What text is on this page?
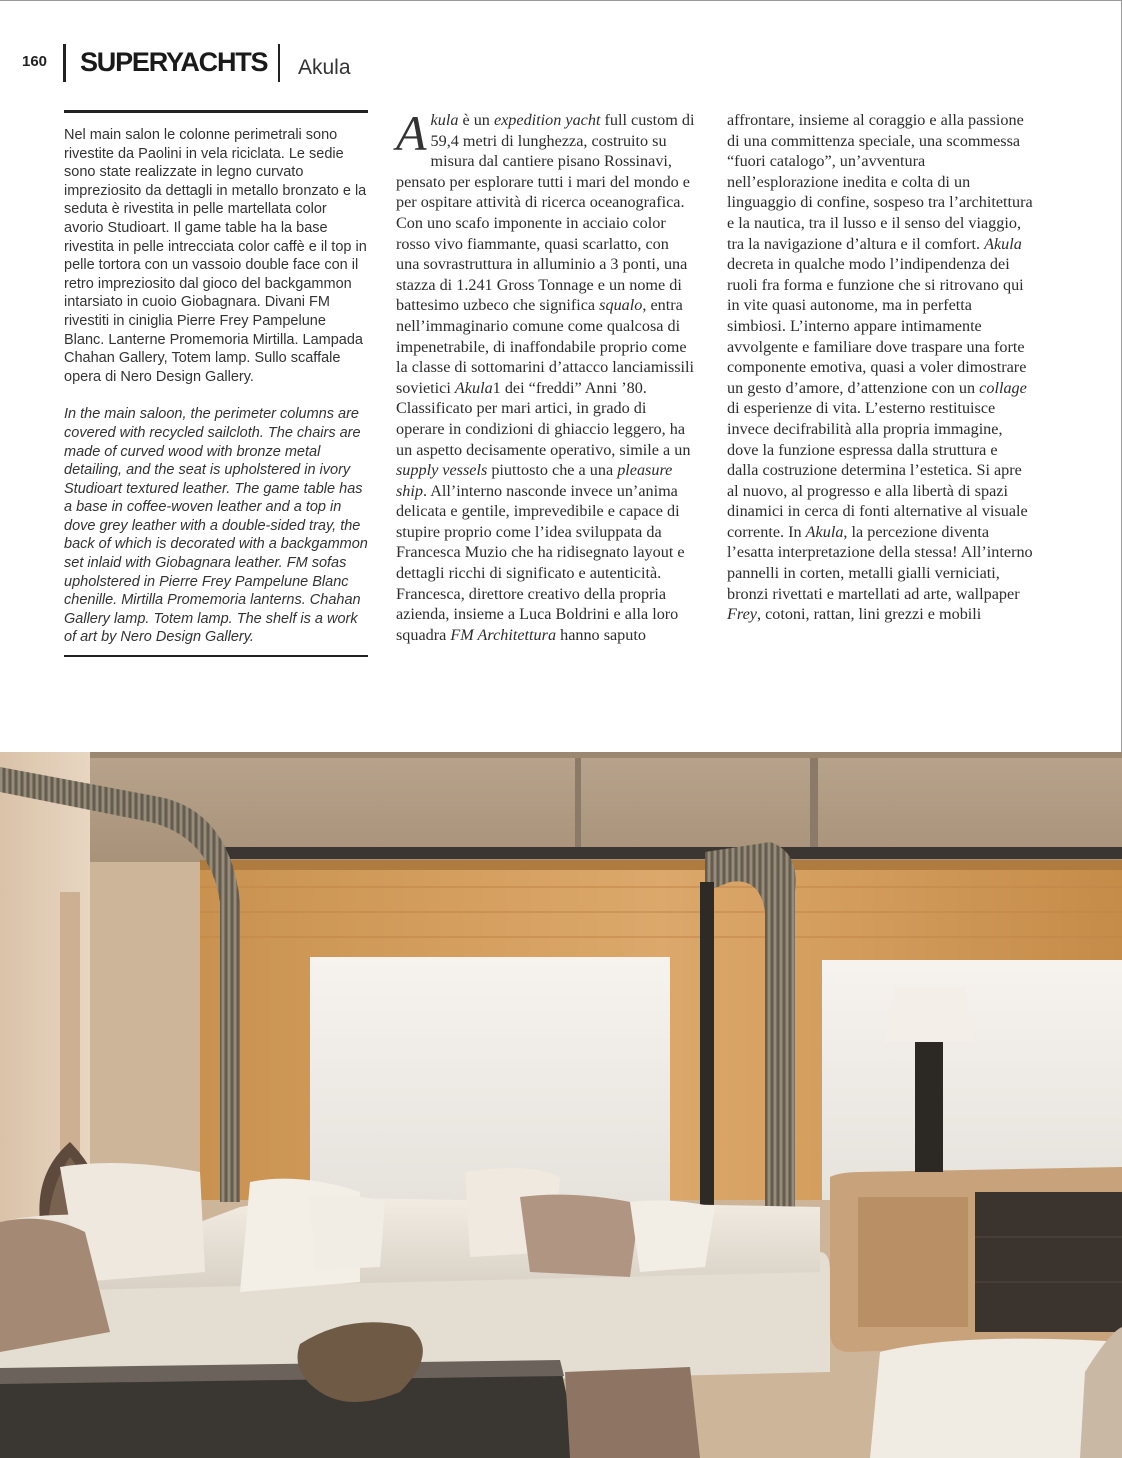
160 SUPERYACHTS Akula

Nel main salon le colonne perimetrali sono rivestite da Paolini in vela riciclata. Le sedie sono state realizzate in legno curvato impreziosito da dettagli in metallo bronzato e la seduta è rivestita in pelle martellata color avorio Studioart. Il game table ha la base rivestita in pelle intrecciata color caffè e il top in pelle tortora con un vassoio double face con il retro impreziosito dal gioco del backgammon intarsiato in cuoio Giobagnara. Divani FM rivestiti in ciniglia Pierre Frey Pampelune Blanc. Lanterne Promemoria Mirtilla. Lampada Chahan Gallery, Totem lamp. Sullo scaffale opera di Nero Design Gallery.

In the main saloon, the perimeter columns are covered with recycled sailcloth. The chairs are made of curved wood with bronze metal detailing, and the seat is upholstered in ivory Studioart textured leather. The game table has a base in coffee-woven leather and a top in dove grey leather with a double-sided tray, the back of which is decorated with a backgammon set inlaid with Giobagnara leather. FM sofas upholstered in Pierre Frey Pampelune Blanc chenille. Mirtilla Promemoria lanterns. Chahan Gallery lamp. Totem lamp. The shelf is a work of art by Nero Design Gallery.

Akula è un expedition yacht full custom di 59,4 metri di lunghezza, costruito su misura dal cantiere pisano Rossinavi, pensato per esplorare tutti i mari del mondo e per ospitare attività di ricerca oceanografica. Con uno scafo imponente in acciaio color rosso vivo fiammante, quasi scarlatto, con una sovrastruttura in alluminio a 3 ponti, una stazza di 1.241 Gross Tonnage e un nome di battesimo uzbeco che significa squalo, entra nell’immaginario comune come qualcosa di impenetrabile, di inaffondabile proprio come la classe di sottomarini d’attacco lanciamissili sovietici Akula1 dei “freddi” Anni ’80. Classificato per mari artici, in grado di operare in condizioni di ghiaccio leggero, ha un aspetto decisamente operativo, simile a un supply vessels piuttosto che a una pleasure ship. All’interno nasconde invece un’anima delicata e gentile, imprevedibile e capace di stupire proprio come l’idea sviluppata da Francesca Muzio che ha ridisegnato layout e dettagli ricchi di significato e autenticità. Francesca, direttore creativo della propria azienda, insieme a Luca Boldrini e alla loro squadra FM Architettura hanno saputo
affrontare, insieme al coraggio e alla passione di una committenza speciale, una scommessa “fuori catalogo”, un’avventura nell’esplorazione inedita e colta di un linguaggio di confine, sospeso tra l’architettura e la nautica, tra il lusso e il senso del viaggio, tra la navigazione d’altura e il comfort. Akula decreta in qualche modo l’indipendenza dei ruoli fra forma e funzione che si ritrovano qui in vite quasi autonome, ma in perfetta simbiosi. L’interno appare intimamente avvolgente e familiare dove traspare una forte componente emotiva, quasi a voler dimostrare un gesto d’amore, d’attenzione con un collage di esperienze di vita. L’esterno restituisce invece decifrabilità alla propria immagine, dove la funzione espressa dalla struttura e dalla costruzione determina l’estetica. Si apre al nuovo, al progresso e alla libertà di spazi dinamici in cerca di fonti alternative al visuale corrente. In Akula, la percezione diventa l’esatta interpretazione della stessa! All’interno pannelli in corten, metalli gialli verniciati, bronzi rivettati e martellati ad arte, wallpaper Frey, cotoni, rattan, lini grezzi e mobili
